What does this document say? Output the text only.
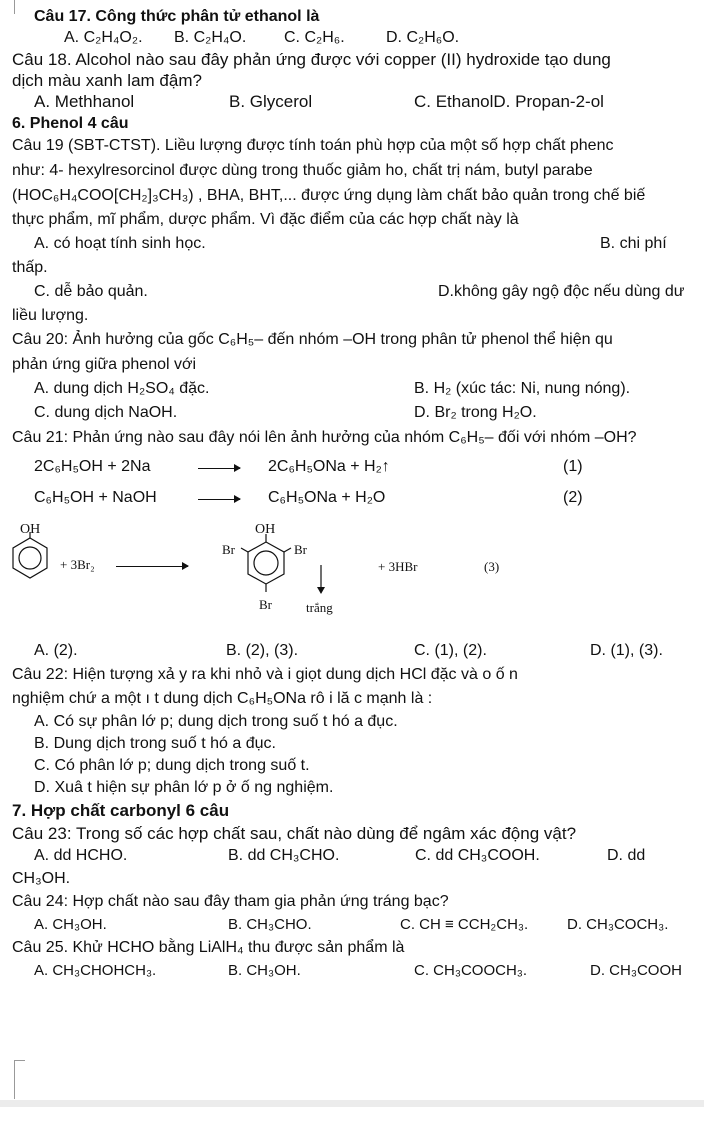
Câu 17. Công thức phân tử ethanol là
A. C₂H₄O₂. B. C₂H₄O. C. C₂H₆.	D. C₂H₆O.
Câu 18. Alcohol nào sau đây phản ứng được với copper (II) hydroxide tạo dung
dịch màu xanh lam đậm?
A. Methhanol	B. Glycerol	C. EthanolD. Propan-2-ol
6. Phenol 4 câu
Câu 19 (SBT-CTST). Liều lượng được tính toán phù hợp của một số hợp chất phenc
như: 4- hexylresorcinol được dùng trong thuốc giảm ho, chất trị nám, butyl parabe
(HOC₆H₄COO[CH₂]₃CH₃) , BHA, BHT,... được ứng dụng làm chất bảo quản trong chế biế
thực phẩm, mĩ phẩm, dược phẩm. Vì đặc điểm của các hợp chất này là
A. có hoạt tính sinh học.	B. chi phí
thấp.
C. dễ bảo quản.	D.không gây ngộ độc nếu dùng dư
liều lượng.
Câu 20: Ảnh hưởng của gốc C₆H₅– đến nhóm –OH trong phân tử phenol thể hiện qu
phản ứng giữa phenol với
A. dung dịch H₂SO₄ đặc.	B. H₂ (xúc tác: Ni, nung nóng).
C. dung dịch NaOH.	D. Br₂ trong H₂O.
Câu 21: Phản ứng nào sau đây nói lên ảnh hưởng của nhóm C₆H₅– đối với nhóm –OH?
2C₆H₅OH + 2Na	2C₆H₅ONa + H₂↑	(1)
C₆H₅OH + NaOH	C₆H₅ONa + H₂O	(2)
OH
+ 3Br₂
OH
Br	Br
Br	trắng
+ 3HBr	(3)
A. (2).	B. (2), (3).	C. (1), (2).	D. (1), (3).
Câu 22: Hiện tượng xả y ra khi nhỏ và i giọt dung dịch HCl đặc và o ố n
nghiệm chứ a một ı t dung dịch C₆H₅ONa rô i lă c mạnh là :
A. Có sự phân lớ p; dung dịch trong suố t hó a đục.
B. Dung dịch trong suố t hó a đục.
C. Có phân lớ p; dung dịch trong suố t.
D. Xuâ t hiện sự phân lớ p ở ố ng nghiệm.
7. Hợp chất carbonyl 6 câu
Câu 23: Trong số các hợp chất sau, chất nào dùng để ngâm xác động vật?
A. dd HCHO.	B. dd CH₃CHO.	C. dd CH₃COOH.	D. dd
CH₃OH.
Câu 24: Hợp chất nào sau đây tham gia phản ứng tráng bạc?
A. CH₃OH.	B. CH₃CHO.	C. CH ≡ CCH₂CH₃.	D. CH₃COCH₃.
Câu 25. Khử HCHO bằng LiAlH₄ thu được sản phẩm là
A. CH₃CHOHCH₃.	B. CH₃OH.	C. CH₃COOCH₃.	D. CH₃COOH
